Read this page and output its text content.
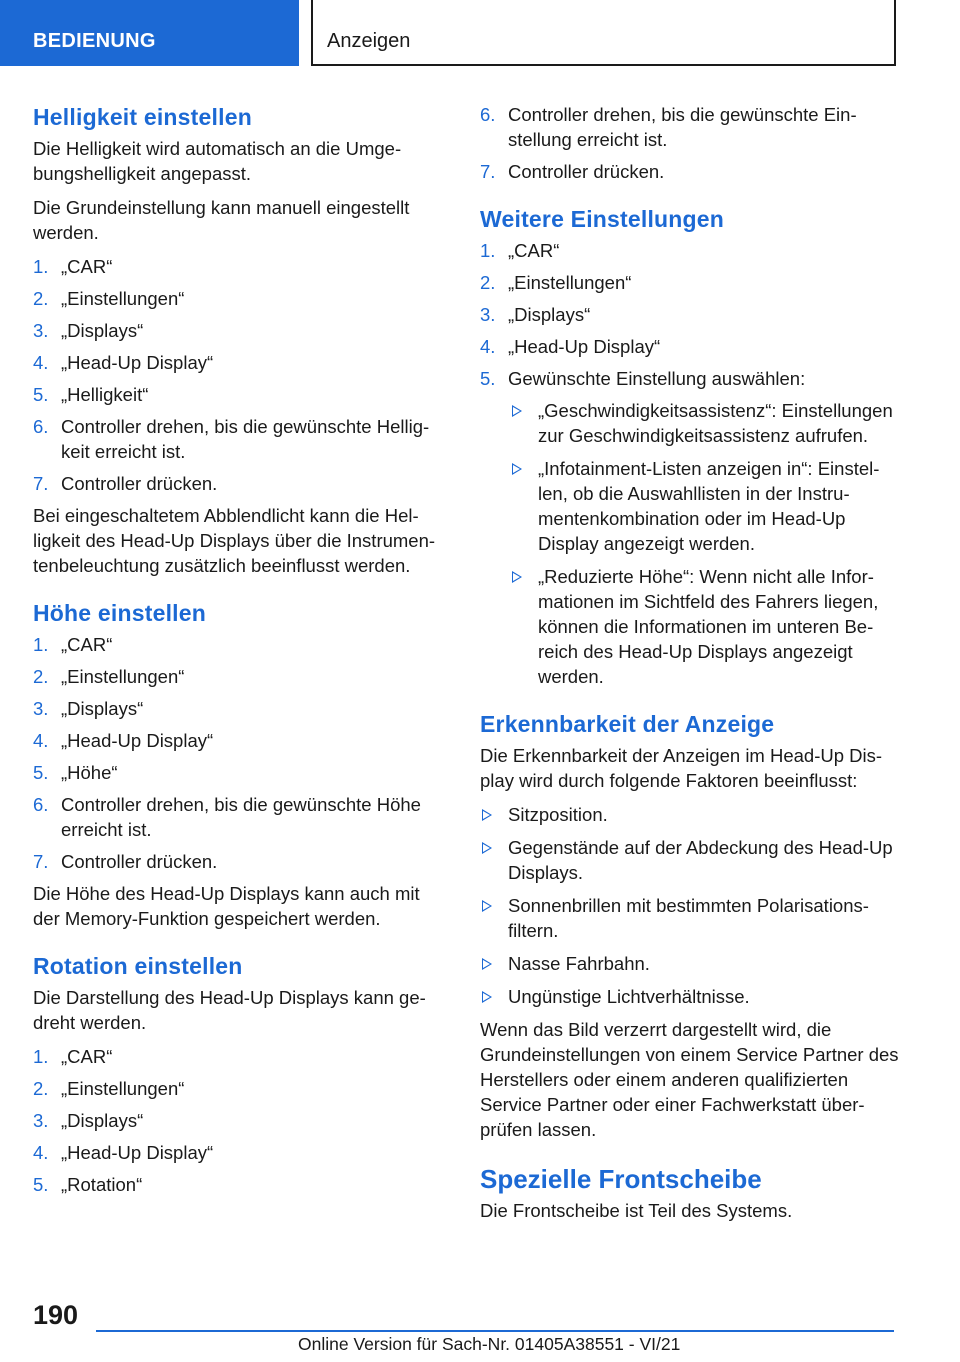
BEDIENUNG	Anzeigen
Helligkeit einstellen

Die Helligkeit wird automatisch an die Umgebungshelligkeit angepasst.

Die Grundeinstellung kann manuell eingestellt werden.

1. „CAR“
2. „Einstellungen“
3. „Displays“
4. „Head-Up Display“
5. „Helligkeit“
6. Controller drehen, bis die gewünschte Helligkeit erreicht ist.
7. Controller drücken.

Bei eingeschaltetem Abblendlicht kann die Helligkeit des Head-Up Displays über die Instrumentenbeleuchtung zusätzlich beeinflusst werden.

Höhe einstellen
1. „CAR“
2. „Einstellungen“
3. „Displays“
4. „Head-Up Display“
5. „Höhe“
6. Controller drehen, bis die gewünschte Höhe erreicht ist.
7. Controller drücken.

Die Höhe des Head-Up Displays kann auch mit der Memory-Funktion gespeichert werden.

Rotation einstellen

Die Darstellung des Head-Up Displays kann gedreht werden.

1. „CAR“
2. „Einstellungen“
3. „Displays“
4. „Head-Up Display“
5. „Rotation“
6. Controller drehen, bis die gewünschte Einstellung erreicht ist.
7. Controller drücken.
Weitere Einstellungen
1. „CAR“
2. „Einstellungen“
3. „Displays“
4. „Head-Up Display“
5. Gewünschte Einstellung auswählen:
„Geschwindigkeitsassistenz“: Einstellungen zur Geschwindigkeitsassistenz aufrufen.
„Infotainment-Listen anzeigen in“: Einstellen, ob die Auswahllisten in der Instrumentenkombination oder im Head-Up Display angezeigt werden.
„Reduzierte Höhe“: Wenn nicht alle Informationen im Sichtfeld des Fahrers liegen, können die Informationen im unteren Bereich des Head-Up Displays angezeigt werden.
Erkennbarkeit der Anzeige

Die Erkennbarkeit der Anzeigen im Head-Up Display wird durch folgende Faktoren beeinflusst:

Sitzposition.
Gegenstände auf der Abdeckung des Head-Up Displays.
Sonnenbrillen mit bestimmten Polarisationsfiltern.
Nasse Fahrbahn.
Ungünstige Lichtverhältnisse.

Wenn das Bild verzerrt dargestellt wird, die Grundeinstellungen von einem Service Partner des Herstellers oder einem anderen qualifizierten Service Partner oder einer Fachwerkstatt überprüfen lassen.

Spezielle Frontscheibe

Die Frontscheibe ist Teil des Systems.

190
Online Version für Sach-Nr. 01405A38551 - VI/21
